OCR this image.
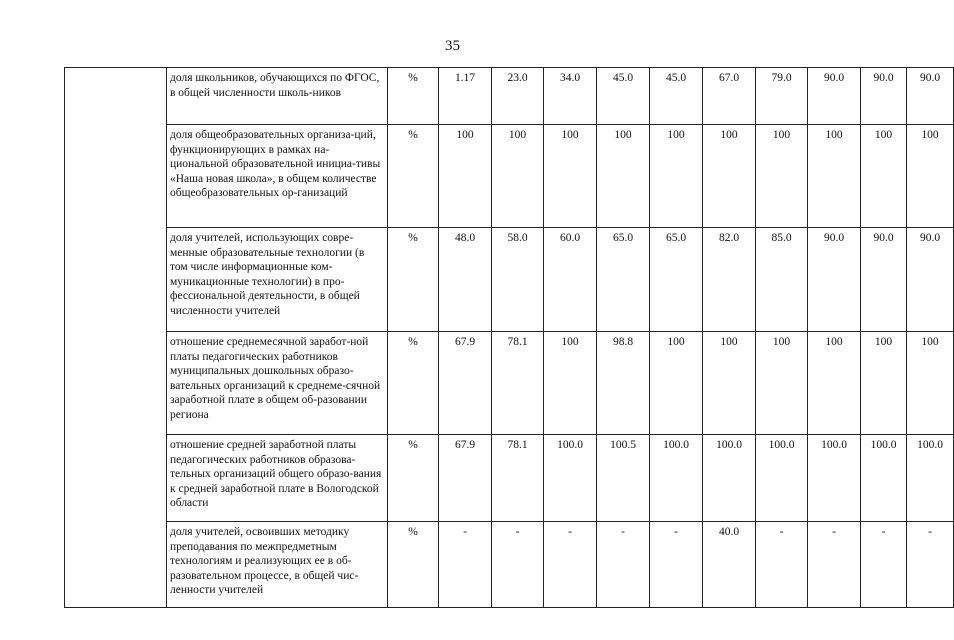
35
	доля школьников, обучающихся по ФГОС, в общей численности школь-ников	%	1.17	23.0	34.0	45.0	45.0	67.0	79.0	90.0	90.0	90.0
	доля общеобразовательных организа-ций, функционирующих в рамках на-циональной образовательной инициа-тивы «Наша новая школа», в общем количестве общеобразовательных ор-ганизаций	%	100	100	100	100	100	100	100	100	100	100
	доля учителей, использующих совре-менные образовательные технологии (в том числе информационные ком-муникационные технологии) в про-фессиональной деятельности, в общей численности учителей	%	48.0	58.0	60.0	65.0	65.0	82.0	85.0	90.0	90.0	90.0
	отношение среднемесячной заработ-ной платы педагогических работников муниципальных дошкольных образо-вательных организаций к среднеме-сячной заработной плате в общем об-разовании региона	%	67.9	78.1	100	98.8	100	100	100	100	100	100
	отношение средней заработной платы педагогических работников образова-тельных организаций общего образо-вания к средней заработной плате в Вологодской области	%	67.9	78.1	100.0	100.5	100.0	100.0	100.0	100.0	100.0	100.0
	доля учителей, освоивших методику преподавания по межпредметным технологиям и реализующих ее в об-разовательном процессе, в общей чис-ленности учителей	%	-	-	-	-	-	40.0	-	-	-	-
